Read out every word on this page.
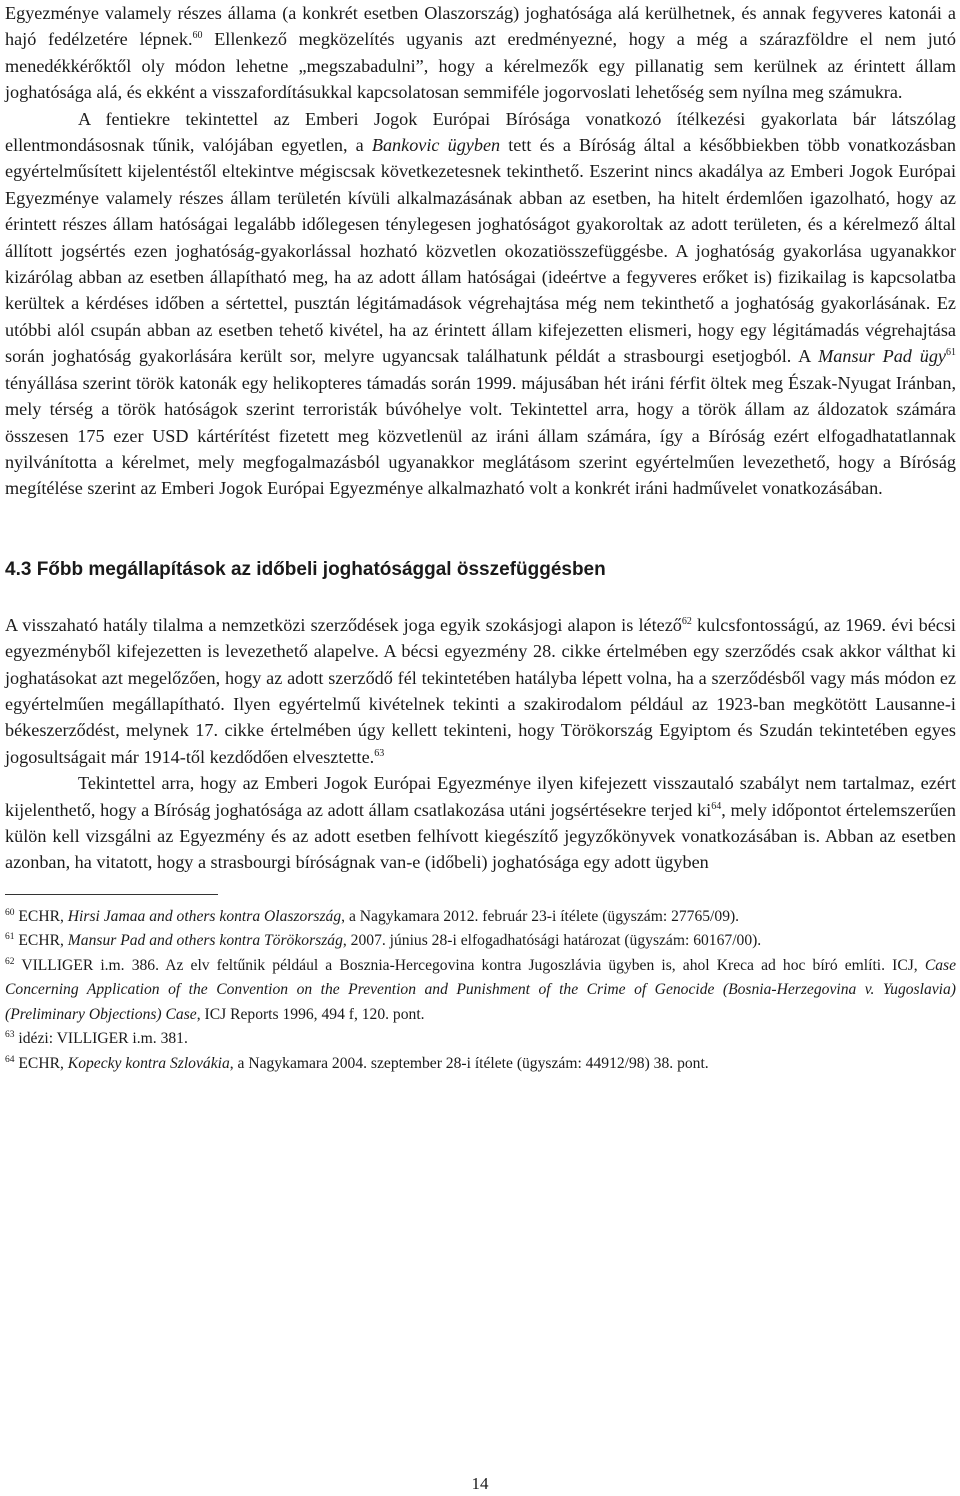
Egyezménye valamely részes állama (a konkrét esetben Olaszország) joghatósága alá kerülhetnek, és annak fegyveres katonái a hajó fedélzetére lépnek.$^{60}$ Ellenkező megközelítés ugyanis azt eredményezné, hogy a még a szárazföldre el nem jutó menedékkérőktől oly módon lehetne „megszabadulni”, hogy a kérelmezők egy pillanatig sem kerülnek az érintett állam joghatósága alá, és ekként a visszafordításukkal kapcsolatosan semmiféle jogorvoslati lehetőség sem nyílna meg számukra.

A fentiekre tekintettel az Emberi Jogok Európai Bírósága vonatkozó ítélkezési gyakorlata bár látszólag ellentmondásosnak tűnik, valójában egyetlen, a Bankovic ügyben tett és a Bíróság által a későbbiekben több vonatkozásban egyértelműsített kijelentéstől eltekintve mégiscsak következetesnek tekinthető. Eszerint nincs akadálya az Emberi Jogok Európai Egyezménye valamely részes állam területén kívüli alkalmazásának abban az esetben, ha hitelt érdemlően igazolható, hogy az érintett részes állam hatóságai legalább időlegesen ténylegesen joghatóságot gyakoroltak az adott területen, és a kérelmező által állított jogsértés ezen joghatóság-gyakorlással hozható közvetlen okozatiösszefüggésbe. A joghatóság gyakorlása ugyanakkor kizárólag abban az esetben állapítható meg, ha az adott állam hatóságai (ideértve a fegyveres erőket is) fizikailag is kapcsolatba kerültek a kérdéses időben a sértettel, pusztán légitámadások végrehajtása még nem tekinthető a joghatóság gyakorlásának. Ez utóbbi alól csupán abban az esetben tehető kivétel, ha az érintett állam kifejezetten elismeri, hogy egy légitámadás végrehajtása során joghatóság gyakorlására került sor, melyre ugyancsak találhatunk példát a strasbourgi esetjogból. A Mansur Pad ügy$^{61}$ tényállása szerint török katonák egy helikopteres támadás során 1999. májusában hét iráni férfit öltek meg Észak-Nyugat Iránban, mely térség a török hatóságok szerint terroristák búvóhelye volt. Tekintettel arra, hogy a török állam az áldozatok számára összesen 175 ezer USD kártérítést fizetett meg közvetlenül az iráni állam számára, így a Bíróság ezért elfogadhatatlannak nyilvánította a kérelmet, mely megfogalmazásból ugyanakkor meglátásom szerint egyértelműen levezethető, hogy a Bíróság megítélése szerint az Emberi Jogok Európai Egyezménye alkalmazható volt a konkrét iráni hadművelet vonatkozásában.

4.3 Főbb megállapítások az időbeli joghatósággal összefüggésben

A visszaható hatály tilalma a nemzetközi szerződések joga egyik szokásjogi alapon is létező$^{62}$ kulcsfontosságú, az 1969. évi bécsi egyezményből kifejezetten is levezethető alapelve. A bécsi egyezmény 28. cikke értelmében egy szerződés csak akkor válthat ki joghatásokat azt megelőzően, hogy az adott szerződő fél tekintetében hatályba lépett volna, ha a szerződésből vagy más módon ez egyértelműen megállapítható. Ilyen egyértelmű kivételnek tekinti a szakirodalom például az 1923-ban megkötött Lausanne-i békeszerződést, melynek 17. cikke értelmében úgy kellett tekinteni, hogy Törökország Egyiptom és Szudán tekintetében egyes jogosultságait már 1914-től kezdődően elvesztette.$^{63}$

Tekintettel arra, hogy az Emberi Jogok Európai Egyezménye ilyen kifejezett visszautaló szabályt nem tartalmaz, ezért kijelenthető, hogy a Bíróság joghatósága az adott állam csatlakozása utáni jogsértésekre terjed $ki^{64}$, mely időpontot értelemszerűen külön kell vizsgálni az Egyezmény és az adott esetben felhívott kiegészítő jegyzőkönyvek vonatkozásában is. Abban az esetben azonban, ha vitatott, hogy a strasbourgi bíróságnak van-e (időbeli) joghatósága egy adott ügyben

$^{60}$ ECHR, Hirsi Jamaa and others kontra Olaszország, a Nagykamara 2012. február 23-i ítélete (ügyszám: 27765/09).

$^{61}$ ECHR, Mansur Pad and others kontra Törökország, 2007. június 28-i elfogadhatósági határozat (ügyszám: 60167/00).

$^{62}$ VILLIGER i.m. 386. Az elv feltűnik például a Bosznia-Hercegovina kontra Jugoszlávia ügyben is, ahol Kreca ad hoc bíró említi. ICJ, Case Concerning Application of the Convention on the Prevention and Punishment of the Crime of Genocide (Bosnia-Herzegovina v. Yugoslavia) (Preliminary Objections) Case, ICJ Reports 1996, 494 f, 120. pont.

$^{63}$ idézi: VILLIGER i.m. 381.

$^{64}$ ECHR, Kopecky kontra Szlovákia, a Nagykamara 2004. szeptember 28-i ítélete (ügyszám: 44912/98) 38. pont.

14
